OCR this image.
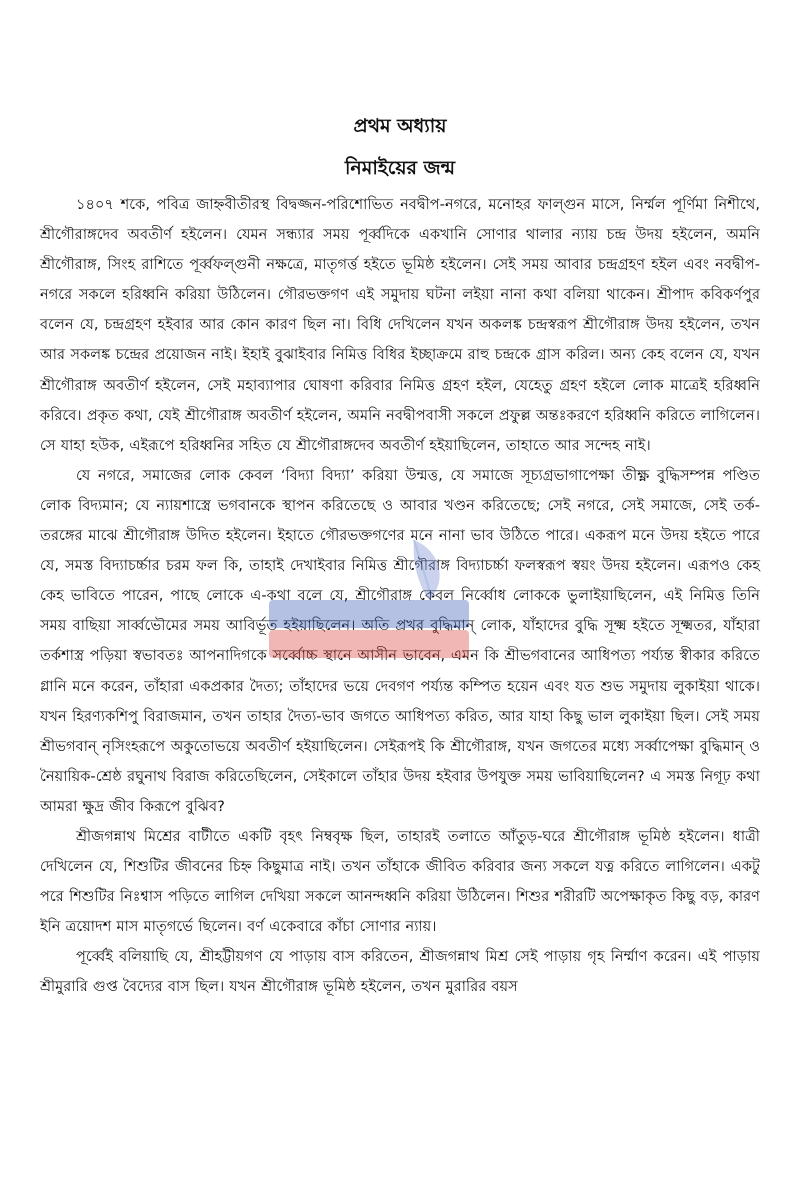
প্রথম অধ্যায়
নিমাইয়ের জন্ম

১৪০৭ শকে, পবিত্র জাহ্নবীতীরস্থ বিদ্বজ্জন-পরিশোভিত নবদ্বীপ-নগরে, মনোহর ফাল্গুন মাসে, নির্ম্মল পূর্ণিমা নিশীথে, শ্রীগৌরাঙ্গদেব অবতীর্ণ হইলেন। যেমন সন্ধ্যার সময় পূর্ব্বদিকে একখানি সোণার থালার ন্যায় চন্দ্র উদয় হইলেন, অমনি শ্রীগৌরাঙ্গ, সিংহ রাশিতে পূর্ব্বফল্গুনী নক্ষত্রে, মাতৃগর্ত্ত হইতে ভূমিষ্ঠ হইলেন। সেই সময় আবার চন্দ্রগ্রহণ হইল এবং নবদ্বীপ-নগরে সকলে হরিধ্বনি করিয়া উঠিলেন। গৌরভক্তগণ এই সমুদায় ঘটনা লইয়া নানা কথা বলিয়া থাকেন। শ্রীপাদ কবিকর্ণপুর বলেন যে, চন্দ্রগ্রহণ হইবার আর কোন কারণ ছিল না। বিধি দেখিলেন যখন অকলঙ্ক চন্দ্রস্বরূপ শ্রীগৌরাঙ্গ উদয় হইলেন, তখন আর সকলঙ্ক চন্দ্রের প্রয়োজন নাই। ইহাই বুঝাইবার নিমিত্ত বিধির ইচ্ছাক্রমে রাহু চন্দ্রকে গ্রাস করিল। অন্য কেহ বলেন যে, যখন শ্রীগৌরাঙ্গ অবতীর্ণ হইলেন, সেই মহাব্যাপার ঘোষণা করিবার নিমিত্ত গ্রহণ হইল, যেহেতু গ্রহণ হইলে লোক মাত্রেই হরিধ্বনি করিবে। প্রকৃত কথা, যেই শ্রীগৌরাঙ্গ অবতীর্ণ হইলেন, অমনি নবদ্বীপবাসী সকলে প্রফুল্ল অন্তঃকরণে হরিধ্বনি করিতে লাগিলেন। সে যাহা হউক, এইরূপে হরিধ্বনির সহিত যে শ্রীগৌরাঙ্গদেব অবতীর্ণ হইয়াছিলেন, তাহাতে আর সন্দেহ নাই।

যে নগরে, সমাজের লোক কেবল ‘বিদ্যা বিদ্যা’ করিয়া উন্মত্ত, যে সমাজে সূচ্যগ্রভাগাপেক্ষা তীক্ষ্ণ বুদ্ধিসম্পন্ন পণ্ডিত লোক বিদ্যমান; যে ন্যায়শাস্ত্রে ভগবানকে স্থাপন করিতেছে ও আবার খণ্ডন করিতেছে; সেই নগরে, সেই সমাজে, সেই তর্ক-তরঙ্গের মাঝে শ্রীগৌরাঙ্গ উদিত হইলেন। ইহাতে গৌরভক্তগণের মনে নানা ভাব উঠিতে পারে। একরূপ মনে উদয় হইতে পারে যে, সমস্ত বিদ্যাচর্চ্চার চরম ফল কি, তাহাই দেখাইবার নিমিত্ত শ্রীগৌরাঙ্গ বিদ্যাচর্চ্চা ফলস্বরূপ স্বয়ং উদয় হইলেন। এরূপও কেহ কেহ ভাবিতে পারেন, পাছে লোকে এ-কথা বলে যে, শ্রীগৌরাঙ্গ কেবল নির্ব্বোধ লোককে ভুলাইয়াছিলেন, এই নিমিত্ত তিনি সময় বাছিয়া সার্ব্বভৌমের সময় আবির্ভূত হইয়াছিলেন। অতি প্রখর বুদ্ধিমান্ লোক, যাঁহাদের বুদ্ধি সূক্ষ্ম হইতে সূক্ষ্মতর, যাঁহারা তর্কশাস্ত্র পড়িয়া স্বভাবতঃ আপনাদিগকে সর্ব্বোচ্চ স্থানে আসীন ভাবেন, এমন কি শ্রীভগবানের আধিপত্য পর্য্যন্ত স্বীকার করিতে গ্লানি মনে করেন, তাঁহারা একপ্রকার দৈত্য; তাঁহাদের ভয়ে দেবগণ পর্য্যন্ত কম্পিত হয়েন এবং যত শুভ সমুদায় লুকাইয়া থাকে। যখন হিরণ্যকশিপু বিরাজমান, তখন তাহার দৈত্য-ভাব জগতে আধিপত্য করিত, আর যাহা কিছু ভাল লুকাইয়া ছিল। সেই সময় শ্রীভগবান্ নৃসিংহরূপে অকুতোভয়ে অবতীর্ণ হইয়াছিলেন। সেইরূপই কি শ্রীগৌরাঙ্গ, যখন জগতের মধ্যে সর্ব্বাপেক্ষা বুদ্ধিমান্ ও নৈয়ায়িক-শ্রেষ্ঠ রঘুনাথ বিরাজ করিতেছিলেন, সেইকালে তাঁহার উদয় হইবার উপযুক্ত সময় ভাবিয়াছিলেন? এ সমস্ত নিগূঢ় কথা আমরা ক্ষুদ্র জীব কিরূপে বুঝিব?

শ্রীজগন্নাথ মিশ্রের বাটীতে একটি বৃহৎ নিম্ববৃক্ষ ছিল, তাহারই তলাতে আঁতুড়-ঘরে শ্রীগৌরাঙ্গ ভূমিষ্ঠ হইলেন। ধাত্রী দেখিলেন যে, শিশুটির জীবনের চিহ্ন কিছুমাত্র নাই। তখন তাঁহাকে জীবিত করিবার জন্য সকলে যত্ন করিতে লাগিলেন। একটু পরে শিশুটির নিঃশ্বাস পড়িতে লাগিল দেখিয়া সকলে আনন্দধ্বনি করিয়া উঠিলেন। শিশুর শরীরটি অপেক্ষাকৃত কিছু বড়, কারণ ইনি ত্রয়োদশ মাস মাতৃগর্ভে ছিলেন। বর্ণ একেবারে কাঁচা সোণার ন্যায়।

পূর্ব্বেই বলিয়াছি যে, শ্রীহট্টীয়গণ যে পাড়ায় বাস করিতেন, শ্রীজগন্নাথ মিশ্র সেই পাড়ায় গৃহ নির্ম্মাণ করেন। এই পাড়ায় শ্রীমুরারি গুপ্ত বৈদ্যের বাস ছিল। যখন শ্রীগৌরাঙ্গ ভূমিষ্ঠ হইলেন, তখন মুরারির বয়স
